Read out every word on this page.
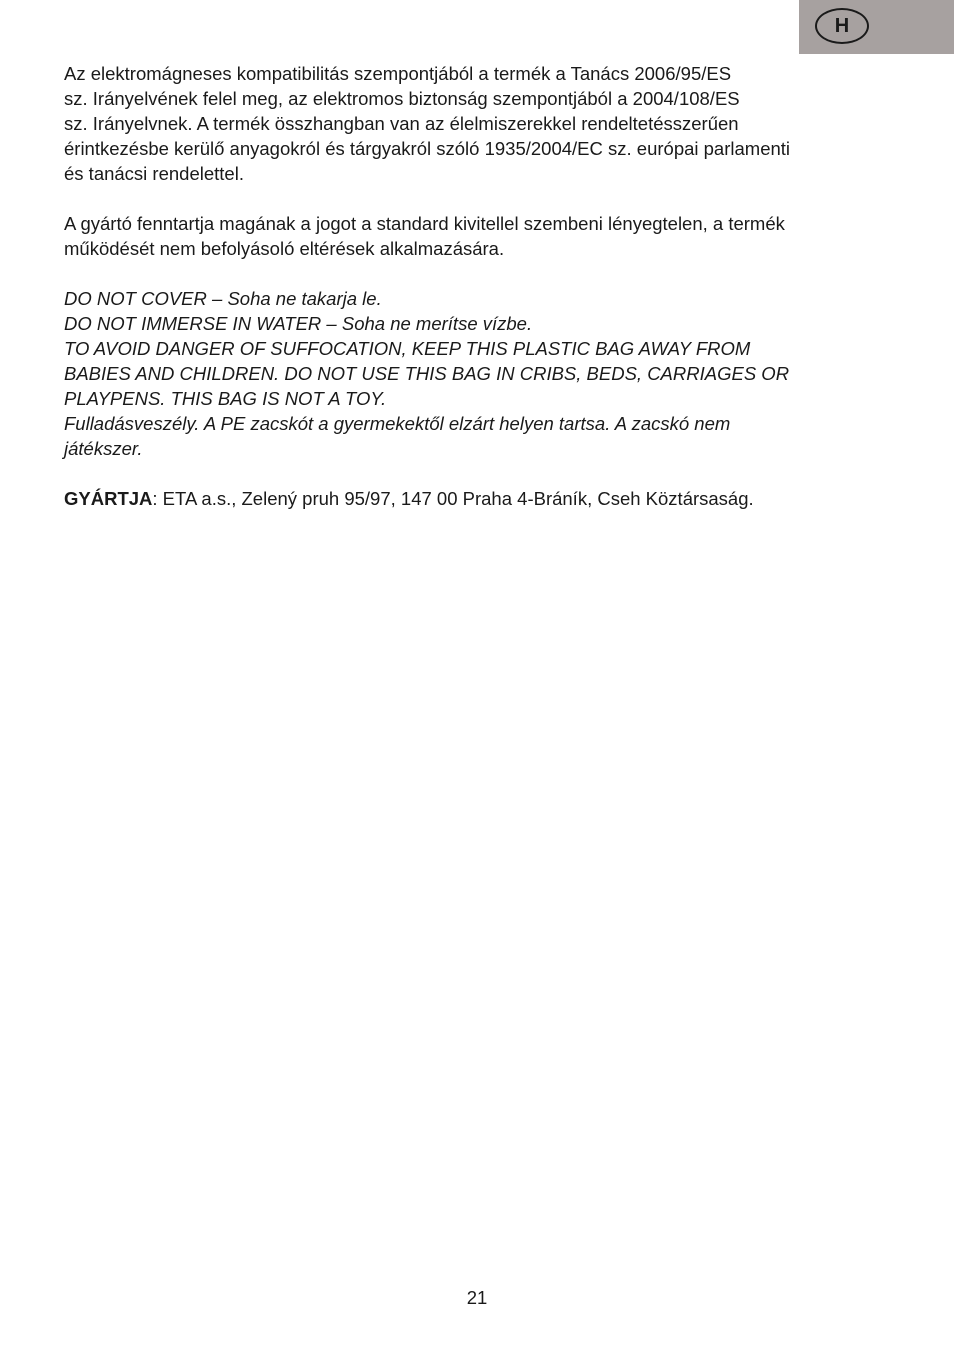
H
Az elektromágneses kompatibilitás szempontjából a termék a Tanács 2006/95/ES
sz. Irányelvének felel meg, az elektromos biztonság szempontjából a 2004/108/ES
sz. Irányelvnek. A termék összhangban van az élelmiszerekkel rendeltetésszerűen
érintkezésbe kerülő anyagokról és tárgyakról szóló 1935/2004/EC sz. európai parlamenti
és tanácsi rendelettel.
A gyártó fenntartja magának a jogot a standard kivitellel szembeni lényegtelen, a termék
működését nem befolyásoló eltérések alkalmazására.
DO NOT COVER – Soha ne takarja le.
DO NOT IMMERSE IN WATER – Soha ne merítse vízbe.
TO AVOID DANGER OF SUFFOCATION, KEEP THIS PLASTIC BAG AWAY FROM
BABIES AND CHILDREN. DO NOT USE THIS BAG IN CRIBS, BEDS, CARRIAGES OR
PLAYPENS. THIS BAG IS NOT A TOY.
Fulladásveszély. A PE zacskót a gyermekektől elzárt helyen tartsa. A zacskó nem
játékszer.
GYÁRTJA: ETA a.s., Zelený pruh 95/97, 147 00 Praha 4-Bráník, Cseh Köztársaság.
21
